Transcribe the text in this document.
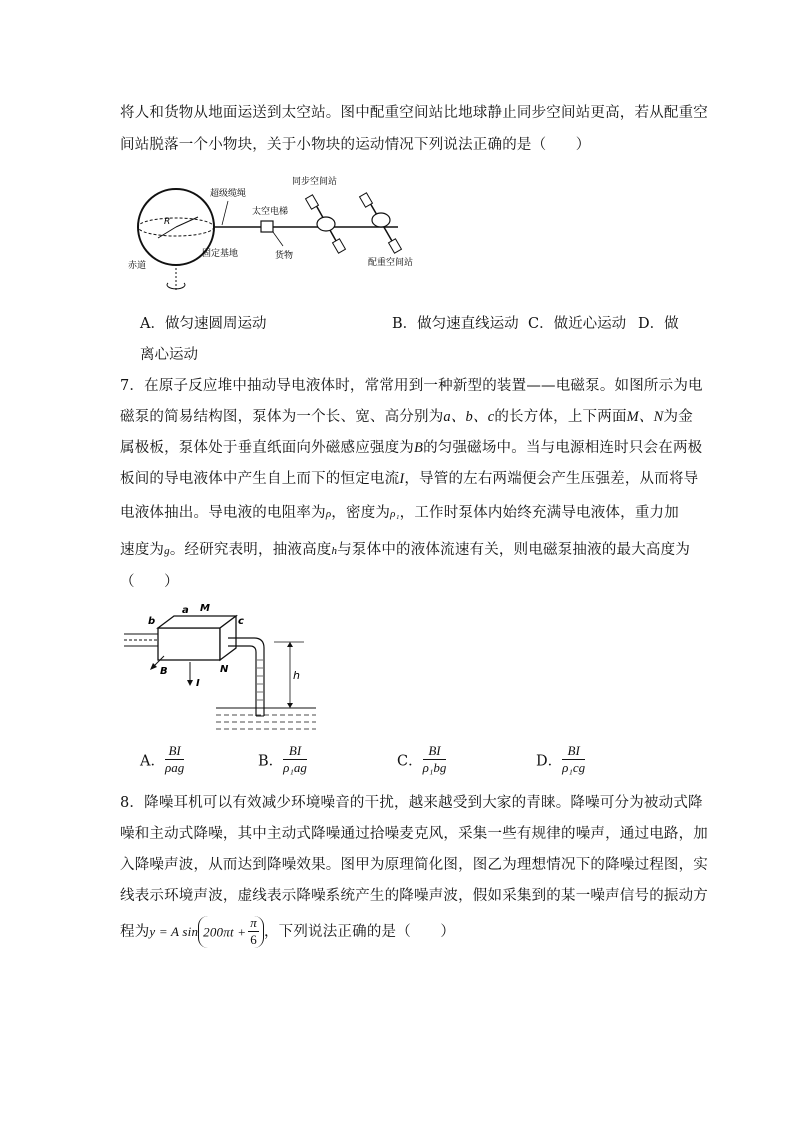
将人和货物从地面运送到太空站。图中配重空间站比地球静止同步空间站更高，若从配重空
间站脱落一个小物块，关于小物块的运动情况下列说法正确的是（　　）
R
赤道
超级缆绳
固定基地
太空电梯
货物
同步空间站
配重空间站
A．做匀速圆周运动	B．做匀速直线运动 C．做近心运动 D．做
离心运动
7．在原子反应堆中抽动导电液体时，常常用到一种新型的装置——电磁泵。如图所示为电
磁泵的简易结构图，泵体为一个长、宽、高分别为a、b、c的长方体，上下两面M、N为金
属极板，泵体处于垂直纸面向外磁感应强度为B的匀强磁场中。当与电源相连时只会在两极
板间的导电液体中产生自上而下的恒定电流I，导管的左右两端便会产生压强差，从而将导
电液体抽出。导电液的电阻率为ρ，密度为ρ₁，工作时泵体内始终充满导电液体，重力加
速度为g。经研究表明，抽液高度h与泵体中的液体流速有关，则电磁泵抽液的最大高度为
（　　）
h
b
a M
c
N
B
I
A． $\frac{BI}{\text{ρag}}$	B． $\frac{BI}{\text{ρ₁ag}}$	C． $\frac{BI}{\text{ρ₁bg}}$	D． $\frac{BI}{\text{ρ₁cg}}$
8．降噪耳机可以有效减少环境噪音的干扰，越来越受到大家的青睐。降噪可分为被动式降
噪和主动式降噪，其中主动式降噪通过拾噪麦克风，采集一些有规律的噪声，通过电路，加
入降噪声波，从而达到降噪效果。图甲为原理简化图，图乙为理想情况下的降噪过程图，实
线表示环境声波，虚线表示降噪系统产生的降噪声波，假如采集到的某一噪声信号的振动方
程为y = A $\sin 200\pi t + \frac{\pi}{6}$ ，下列说法正确的是（　　）
